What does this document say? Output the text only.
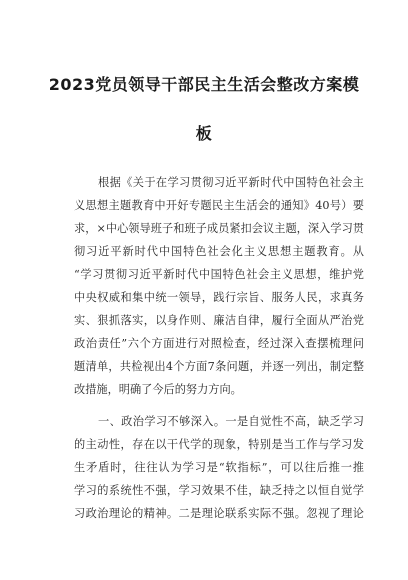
2023党员领导干部民主生活会整改方案模
板
根据《关于在学习贯彻习近平新时代中国特色社会主
义思想主题教育中开好专题民主生活会的通知》40号）要
求，×中心领导班子和班子成员紧扣会议主题，深入学习贯
彻习近平新时代中国特色社会化主义思想主题教育。从
“学习贯彻习近平新时代中国特色社会主义思想，维护党
中央权威和集中统一领导，践行宗旨、服务人民，求真务
实、狠抓落实，以身作则、廉洁自律，履行全面从严治党
政治责任”六个方面进行对照检查，经过深入查摆梳理问
题清单，共检视出4个方面7条问题，并逐一列出，制定整
改措施，明确了今后的努力方向。
一、政治学习不够深入。一是自觉性不高，缺乏学习
的主动性，存在以干代学的现象，特别是当工作与学习发
生矛盾时，往往认为学习是“软指标”，可以往后推一推
学习的系统性不强，学习效果不佳，缺乏持之以恒自觉学
习政治理论的精神。二是理论联系实际不强。忽视了理论
